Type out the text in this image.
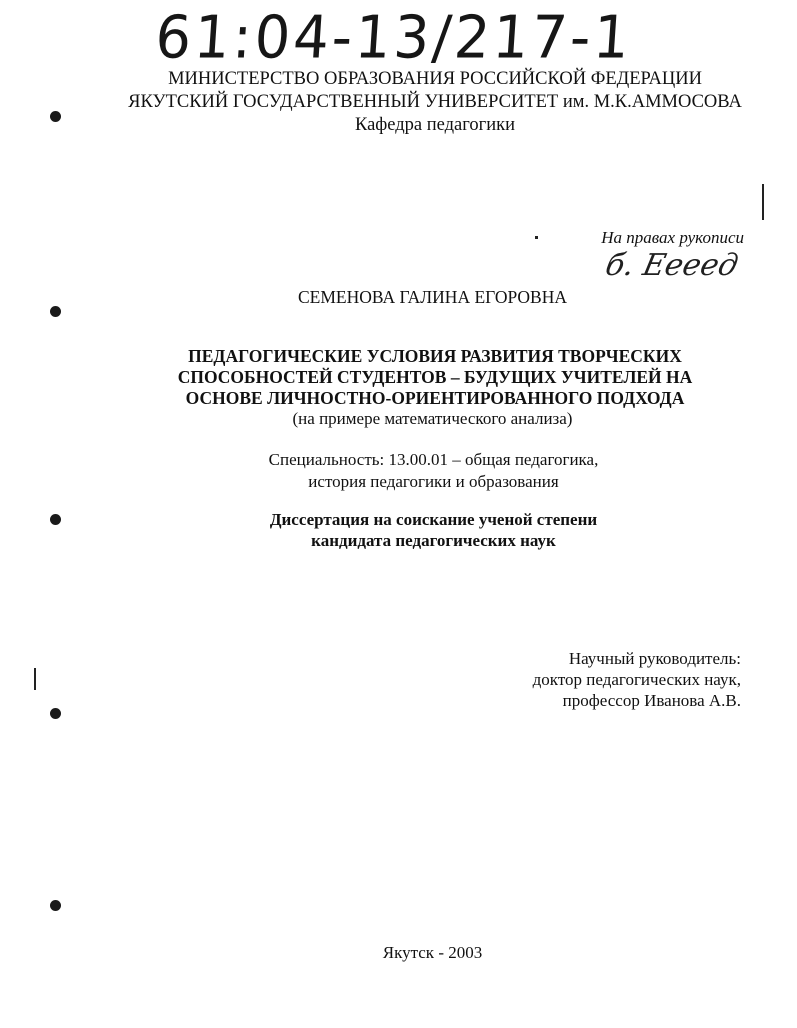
61:04-13/217-1
МИНИСТЕРСТВО ОБРАЗОВАНИЯ РОССИЙСКОЙ ФЕДЕРАЦИИ
ЯКУТСКИЙ ГОСУДАРСТВЕННЫЙ УНИВЕРСИТЕТ им. М.К.АММОСОВА
Кафедра педагогики
На правах рукописи
б. Еееед
СЕМЕНОВА ГАЛИНА ЕГОРОВНА
ПЕДАГОГИЧЕСКИЕ УСЛОВИЯ РАЗВИТИЯ ТВОРЧЕСКИХ
СПОСОБНОСТЕЙ СТУДЕНТОВ – БУДУЩИХ УЧИТЕЛЕЙ НА
ОСНОВЕ ЛИЧНОСТНО-ОРИЕНТИРОВАННОГО ПОДХОДА
(на примере математического анализа)
Специальность: 13.00.01 – общая педагогика,
история педагогики и образования
Диссертация на соискание ученой степени
кандидата педагогических наук
Научный руководитель:
доктор педагогических наук,
профессор Иванова А.В.
Якутск - 2003
